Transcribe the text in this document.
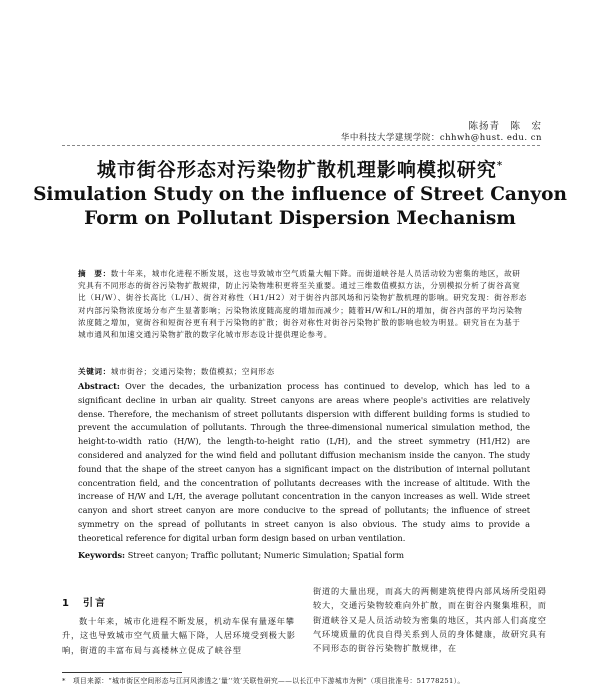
陈扬青　陈　宏
华中科技大学建规学院：chhwh@hust. edu. cn
城市街谷形态对污染物扩散机理影响模拟研究*
Simulation Study on the influence of Street Canyon
Form on Pollutant Dispersion Mechanism
摘　要：数十年来，城市化进程不断发展，这也导致城市空气质量大幅下降。而街道峡谷是人员活动较为密集的地区，故研究具有不同形态的街谷污染物扩散规律，防止污染物堆积更将至关重要。通过三维数值模拟方法，分别模拟分析了街谷高宽比（H/W）、街谷长高比（L/H）、街谷对称性（H1/H2）对于街谷内部风场和污染物扩散机理的影响。研究发现：街谷形态对内部污染物浓度场分布产生显著影响；污染物浓度随高度的增加而减少；随着H/W和L/H的增加，街谷内部的平均污染物浓度随之增加，宽街谷和短街谷更有利于污染物的扩散；街谷对称性对街谷污染物扩散的影响也较为明显。研究旨在为基于城市通风和加速交通污染物扩散的数字化城市形态设计提供理论参考。
关键词：城市街谷；交通污染物；数值模拟；空间形态
Abstract: Over the decades, the urbanization process has continued to develop, which has led to a significant decline in urban air quality. Street canyons are areas where people's activities are relatively dense. Therefore, the mechanism of street pollutants dispersion with different building forms is studied to prevent the accumulation of pollutants. Through the three-dimensional numerical simulation method, the height-to-width ratio (H/W), the length-to-height ratio (L/H), and the street symmetry (H1/H2) are considered and analyzed for the wind field and pollutant diffusion mechanism inside the canyon. The study found that the shape of the street canyon has a significant impact on the distribution of internal pollutant concentration field, and the concentration of pollutants decreases with the increase of altitude. With the increase of H/W and L/H, the average pollutant concentration in the canyon increases as well. Wide street canyon and short street canyon are more conducive to the spread of pollutants; the influence of street symmetry on the spread of pollutants in street canyon is also obvious. The study aims to provide a theoretical reference for digital urban form design based on urban ventilation.
Keywords: Street canyon; Traffic pollutant; Numeric Simulation; Spatial form
1　引言

数十年来，城市化进程不断发展，机动车保有量逐年攀升，这也导致城市空气质量大幅下降，人居环境受到极大影响，街道的丰富布局与高楼林立促成了峡谷型

街道的大量出现，而高大的两侧建筑使得内部风场所受阻碍较大，交通污染物较难向外扩散，而在街谷内聚集堆积，而街道峡谷又是人员活动较为密集的地区，其内部人们高度空气环境质量的优良自得关系到人员的身体健康，故研究具有不同形态的街谷污染物扩散规律，在

*　 项目来源：“城市街区空间形态与江河风渗透之‘量’‘效’关联性研究——以长江中下游城市为例”（项目批准号：51778251）。
